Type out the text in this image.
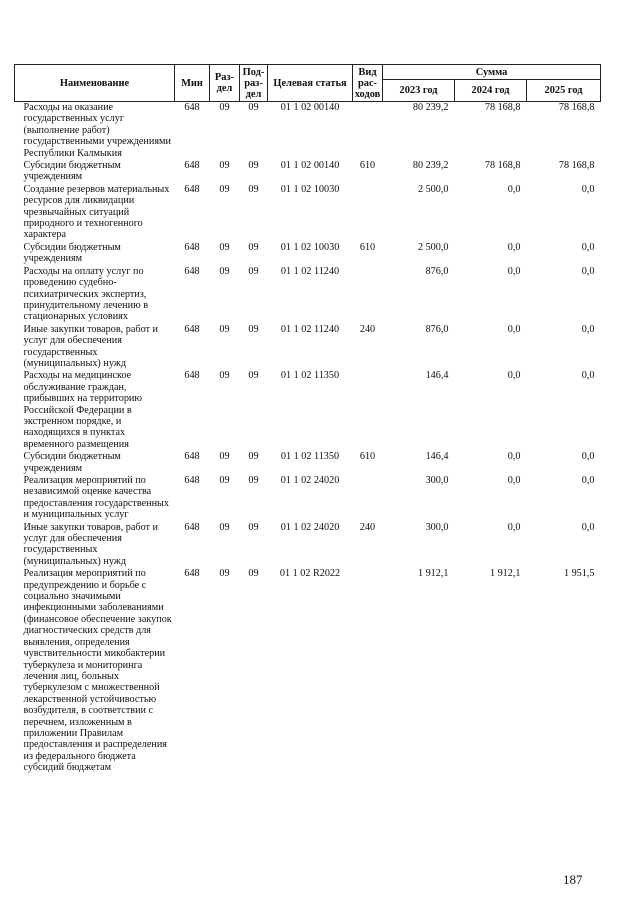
Наименование	Мин	Раз-дел	Под-раз-дел	Целевая статья	Вид рас-ходов	Сумма		
						2023 год	2024 год	2025 год
Расходы на оказание государственных услуг (выполнение работ) государственными учреждениями Республики Калмыкия	648	09	09	01 1 02 00140		80 239,2	78 168,8	78 168,8
Субсидии бюджетным учреждениям	648	09	09	01 1 02 00140	610	80 239,2	78 168,8	78 168,8
Создание резервов материальных ресурсов для ликвидации чрезвычайных ситуаций природного и техногенного характера	648	09	09	01 1 02 10030		2 500,0	0,0	0,0
Субсидии бюджетным учреждениям	648	09	09	01 1 02 10030	610	2 500,0	0,0	0,0
Расходы на оплату услуг по проведению судебно-психиатрических экспертиз, принудительному лечению в стационарных условиях	648	09	09	01 1 02 11240		876,0	0,0	0,0
Иные закупки товаров, работ и услуг для обеспечения государственных (муниципальных) нужд	648	09	09	01 1 02 11240	240	876,0	0,0	0,0
Расходы на медицинское обслуживание граждан, прибывших на территорию Российской Федерации в экстренном порядке, и находящихся в пунктах временного размещения	648	09	09	01 1 02 11350		146,4	0,0	0,0
Субсидии бюджетным учреждениям	648	09	09	01 1 02 11350	610	146,4	0,0	0,0
Реализация мероприятий по независимой оценке качества предоставления государственных и муниципальных услуг	648	09	09	01 1 02 24020		300,0	0,0	0,0
Иные закупки товаров, работ и услуг для обеспечения государственных (муниципальных) нужд	648	09	09	01 1 02 24020	240	300,0	0,0	0,0
Реализация мероприятий по предупреждению и борьбе с социально значимыми инфекционными заболеваниями (финансовое обеспечение закупок диагностических средств для выявления, определения чувствительности микобактерии туберкулеза и мониторинга лечения лиц, больных туберкулезом с множественной лекарственной устойчивостью возбудителя, в соответствии с перечнем, изложенным в приложении Правилам предоставления и распределения из федерального бюджета субсидий бюджетам	648	09	09	01 1 02 R2022		1 912,1	1 912,1	1 951,5
187
